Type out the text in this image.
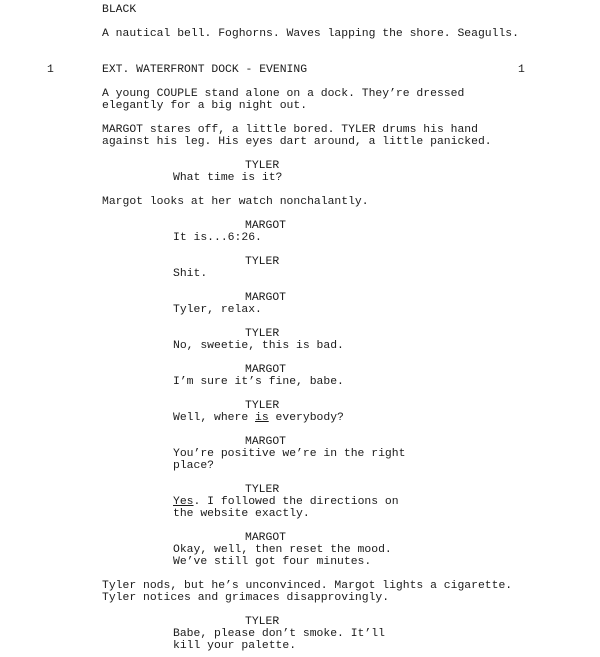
BLACK
A nautical bell. Foghorns. Waves lapping the shore. Seagulls.
1	EXT. WATERFRONT DOCK - EVENING	1
A young COUPLE stand alone on a dock. They’re dressed
elegantly for a big night out.
MARGOT stares off, a little bored. TYLER drums his hand
against his leg. His eyes dart around, a little panicked.
TYLER
What time is it?
Margot looks at her watch nonchalantly.
MARGOT
It is...6:26.
TYLER
Shit.
MARGOT
Tyler, relax.
TYLER
No, sweetie, this is bad.
MARGOT
I’m sure it’s fine, babe.
TYLER
Well, where is everybody?
MARGOT
You’re positive we’re in the right
place?
TYLER
Yes. I followed the directions on
the website exactly.
MARGOT
Okay, well, then reset the mood.
We’ve still got four minutes.
Tyler nods, but he’s unconvinced. Margot lights a cigarette.
Tyler notices and grimaces disapprovingly.
TYLER
Babe, please don’t smoke. It’ll
kill your palette.
